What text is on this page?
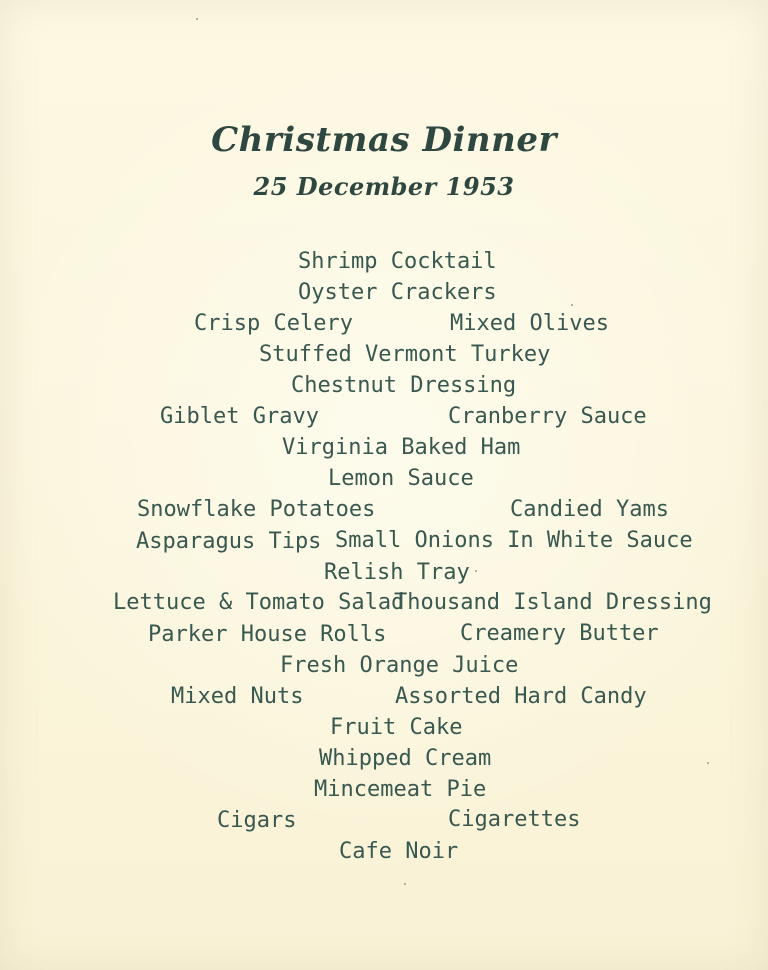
Christmas Dinner
25 December 1953
Shrimp Cocktail
Oyster Crackers
Crisp Celery	Mixed Olives
Stuffed Vermont Turkey
Chestnut Dressing
Giblet Gravy	Cranberry Sauce
Virginia Baked Ham
Lemon Sauce
Snowflake Potatoes	Candied Yams
Asparagus Tips Small Onions In White Sauce
Relish Tray
Lettuce & Tomato Salad
Thousand Island Dressing
Parker House Rolls	Creamery Butter
Fresh Orange Juice
Mixed Nuts	Assorted Hard Candy
Fruit Cake
Whipped Cream
Mincemeat Pie
Cigars	Cigarettes
Cafe Noir
